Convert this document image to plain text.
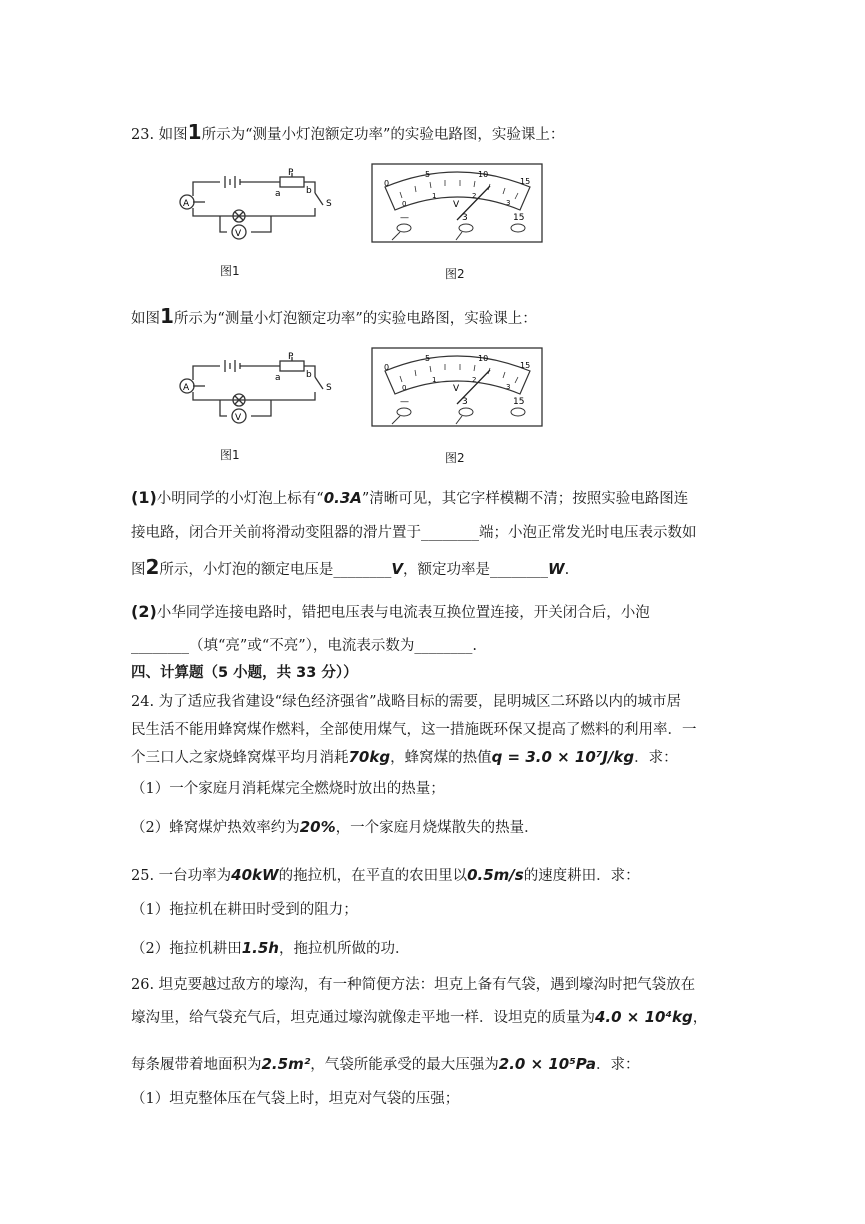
23. 如图1所示为“测量小灯泡额定功率”的实验电路图，实验课上：
A
V
P
a	b
S
图1
0
5	10
15
0
1	2
3
V
—	3	15
图2
如图1所示为“测量小灯泡额定功率”的实验电路图，实验课上：
A
V
P
a	b
S
图1
0
5	10
15
0
1	2
3
V
—	3	15
图2
(1)小明同学的小灯泡上标有“0.3A”清晰可见，其它字样模糊不清；按照实验电路图连
接电路，闭合开关前将滑动变阻器的滑片置于________端；小泡正常发光时电压表示数如
图2所示，小灯泡的额定电压是________V，额定功率是________W.
(2)小华同学连接电路时，错把电压表与电流表互换位置连接，开关闭合后，小泡
________（填“亮”或“不亮”），电流表示数为________.
四、计算题（5 小题，共 33 分））
24. 为了适应我省建设“绿色经济强省”战略目标的需要，昆明城区二环路以内的城市居
民生活不能用蜂窝煤作燃料，全部使用煤气，这一措施既环保又提高了燃料的利用率．一
个三口人之家烧蜂窝煤平均月消耗70kg，蜂窝煤的热值q = 3.0 × 10⁷J/kg．求：
（1）一个家庭月消耗煤完全燃烧时放出的热量；
（2）蜂窝煤炉热效率约为20%，一个家庭月烧煤散失的热量．
25. 一台功率为40kW的拖拉机，在平直的农田里以0.5m/s的速度耕田．求：
（1）拖拉机在耕田时受到的阻力；
（2）拖拉机耕田1.5h，拖拉机所做的功．
26. 坦克要越过敌方的壕沟，有一种简便方法：坦克上备有气袋，遇到壕沟时把气袋放在
壕沟里，给气袋充气后，坦克通过壕沟就像走平地一样．设坦克的质量为4.0 × 10⁴kg，
每条履带着地面积为2.5m²，气袋所能承受的最大压强为2.0 × 10⁵Pa．求：
（1）坦克整体压在气袋上时，坦克对气袋的压强；
